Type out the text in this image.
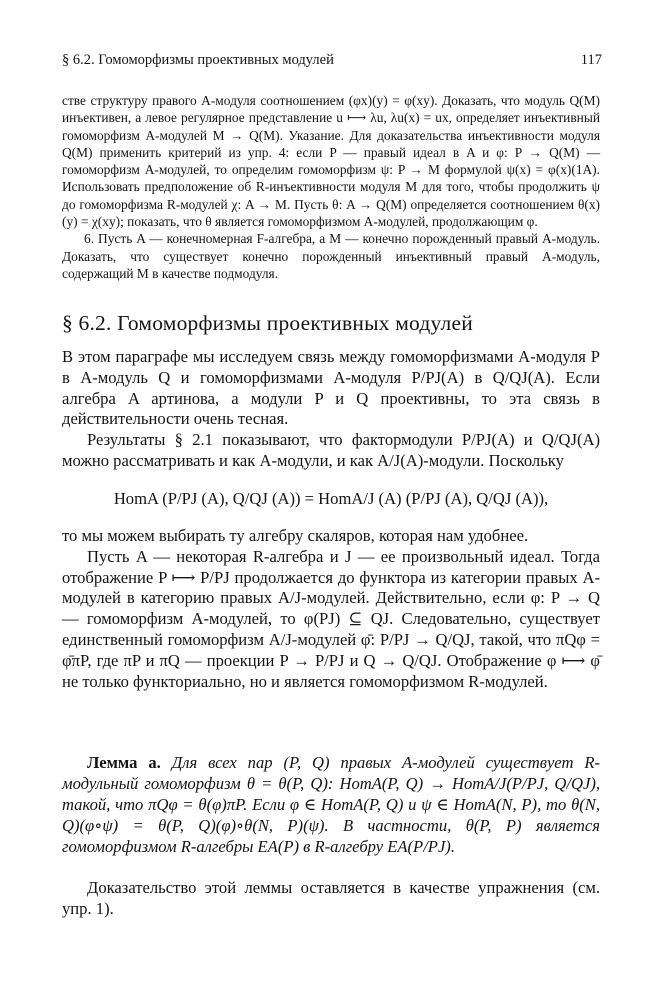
§ 6.2. Гомоморфизмы проективных модулей	117

стве структуру правого A-модуля соотношением (φx)(y) = φ(xy). Доказать, что модуль Q(M) инъективен, а левое регулярное представление u ⟼ λu, λu(x) = ux, определяет инъективный гомоморфизм A-модулей M → Q(M). Указание. Для доказательства инъективности модуля Q(M) применить критерий из упр. 4: если P — правый идеал в A и φ: P → Q(M) — гомоморфизм A-модулей, то определим гомоморфизм ψ: P → M формулой ψ(x) = φ(x)(1A). Использовать предположение об R-инъективности модуля M для того, чтобы продолжить ψ до гомоморфизма R-модулей χ: A → M. Пусть θ: A → Q(M) определяется соотношением θ(x)(y) = χ(xy); показать, что θ является гомоморфизмом A-модулей, продолжающим φ.

6. Пусть A — конечномерная F-алгебра, а M — конечно порожденный правый A-модуль. Доказать, что существует конечно порожденный инъективный правый A-модуль, содержащий M в качестве подмодуля.

§ 6.2. Гомоморфизмы проективных модулей

В этом параграфе мы исследуем связь между гомоморфизмами A-модуля P в A-модуль Q и гомоморфизмами A-модуля P/PJ(A) в Q/QJ(A). Если алгебра A артинова, а модули P и Q проективны, то эта связь в действительности очень тесная.

Результаты § 2.1 показывают, что фактормодули P/PJ(A) и Q/QJ(A) можно рассматривать и как A-модули, и как A/J(A)-модули. Поскольку

HomA (P/PJ (A), Q/QJ (A)) = HomA/J (A) (P/PJ (A), Q/QJ (A)),

то мы можем выбирать ту алгебру скаляров, которая нам удобнее.

Пусть A — некоторая R-алгебра и J — ее произвольный идеал. Тогда отображение P ⟼ P/PJ продолжается до функтора из категории правых A-модулей в категорию правых A/J-модулей. Действительно, если φ: P → Q — гомоморфизм A-модулей, то φ(PJ) ⊆ QJ. Следовательно, существует единственный гомоморфизм A/J-модулей φ̄: P/PJ → Q/QJ, такой, что πQφ = φ̄πP, где πP и πQ — проекции P → P/PJ и Q → Q/QJ. Отображение φ ⟼ φ̄ не только функториально, но и является гомоморфизмом R-модулей.

Лемма а. Для всех пар (P, Q) правых A-модулей существует R-модульный гомоморфизм θ = θ(P, Q): HomA(P, Q) → HomA/J(P/PJ, Q/QJ), такой, что πQφ = θ(φ)πP. Если φ ∈ HomA(P, Q) и ψ ∈ HomA(N, P), то θ(N, Q)(φ∘ψ) = θ(P, Q)(φ)∘θ(N, P)(ψ). В частности, θ(P, P) является гомоморфизмом R-алгебры EA(P) в R-алгебру EA(P/PJ).

Доказательство этой леммы оставляется в качестве упражнения (см. упр. 1).
